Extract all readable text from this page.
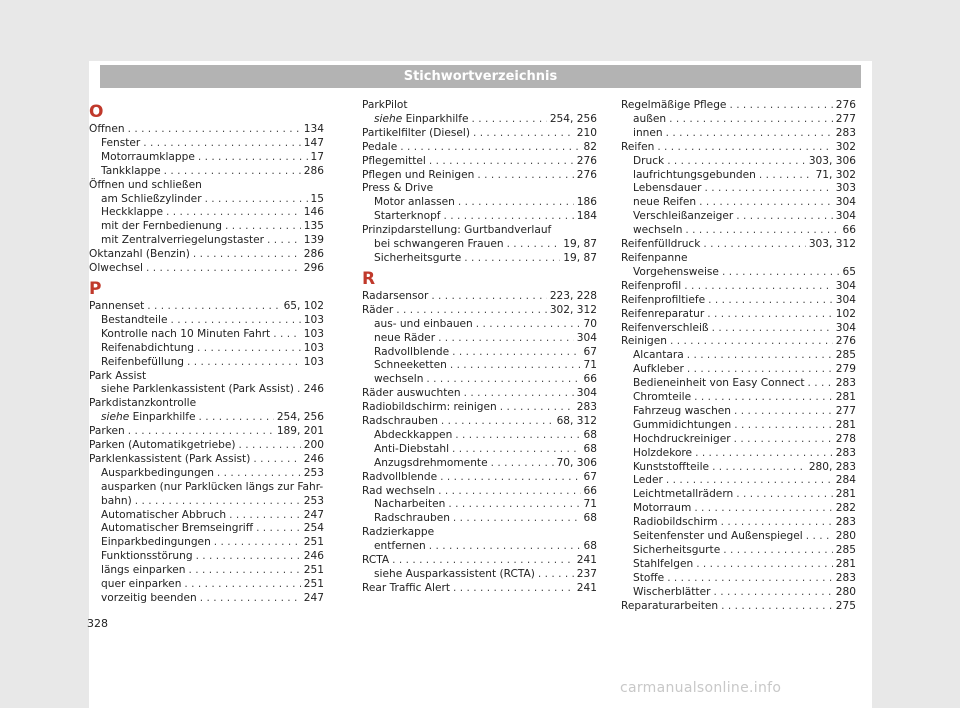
Stichwortverzeichnis
O
Öffnen . . .	134
Fenster . . .	147
Motorraumklappe . . .	17
Tankklappe . . .	286
Öffnen und schließen
am Schließzylinder . . .	15
Heckklappe . . .	146
mit der Fernbedienung . . .	135
mit Zentralverriegelungstaster . . .	139
Oktanzahl (Benzin) . . .	286
Ölwechsel . . .	296
P
Pannenset . . .	65, 102
Bestandteile . . .	103
Kontrolle nach 10 Minuten Fahrt . . .	103
Reifenabdichtung . . .	103
Reifenbefüllung . . .	103
Park Assist
siehe Parklenkassistent (Park Assist) . . . 246
Parkdistanzkontrolle
siehe Einparkhilfe . . .	254, 256
Parken . . .	189, 201
Parken (Automatikgetriebe) . . .	200
Parklenkassistent (Park Assist) . . .	246
Ausparkbedingungen . . .	253
ausparken (nur Parklücken längs zur Fahr-
bahn) . . .	253
Automatischer Abbruch . . .	247
Automatischer Bremseingriff . . .	254
Einparkbedingungen . . .	251
Funktionsstörung . . .	246
längs einparken . . .	251
quer einparken . . .	251
vorzeitig beenden . . .	247
ParkPilot
siehe Einparkhilfe . . .	254, 256
Partikelfilter (Diesel) . . .	210
Pedale . . .	82
Pflegemittel . . .	276
Pflegen und Reinigen . . .	276
Press & Drive
Motor anlassen . . .	186
Starterknopf . . .	184
Prinzipdarstellung: Gurtbandverlauf
bei schwangeren Frauen . . .	19, 87
Sicherheitsgurte . . .	19, 87
R
Radarsensor . . .	223, 228
Räder . . .	302, 312
aus- und einbauen . . .	70
neue Räder . . .	304
Radvollblende . . .	67
Schneeketten . . .	71
wechseln . . .	66
Räder auswuchten . . .	304
Radiobildschirm: reinigen . . .	283
Radschrauben . . .	68, 312
Abdeckkappen . . .	68
Anti-Diebstahl . . .	68
Anzugsdrehmomente . . .	70, 306
Radvollblende . . .	67
Rad wechseln . . .	66
Nacharbeiten . . .	71
Radschrauben . . .	68
Radzierkappe
entfernen . . .	68
RCTA . . .	241
siehe Ausparkassistent (RCTA) . . .	237
Rear Traffic Alert . . .	241
Regelmäßige Pflege . . .	276
außen . . .	277
innen . . .	283
Reifen . . .	302
Druck . . .	303, 306
laufrichtungsgebunden . . .	71, 302
Lebensdauer . . .	303
neue Reifen . . .	304
Verschleißanzeiger . . .	304
wechseln . . .	66
Reifenfülldruck . . .	303, 312
Reifenpanne
Vorgehensweise . . .	65
Reifenprofil . . .	304
Reifenprofiltiefe . . .	304
Reifenreparatur . . .	102
Reifenverschleiß . . .	304
Reinigen . . .	276
Alcantara . . .	285
Aufkleber . . .	279
Bedieneinheit von Easy Connect . . .	283
Chromteile . . .	281
Fahrzeug waschen . . .	277
Gummidichtungen . . .	281
Hochdruckreiniger . . .	278
Holzdekore . . .	283
Kunststoffteile . . .	280, 283
Leder . . .	284
Leichtmetallrädern . . .	281
Motorraum . . .	282
Radiobildschirm . . .	283
Seitenfenster und Außenspiegel . . .	280
Sicherheitsgurte . . .	285
Stahlfelgen . . .	281
Stoffe . . .	283
Wischerblätter . . .	280
Reparaturarbeiten . . .	275
328
carmanualsonline.info
